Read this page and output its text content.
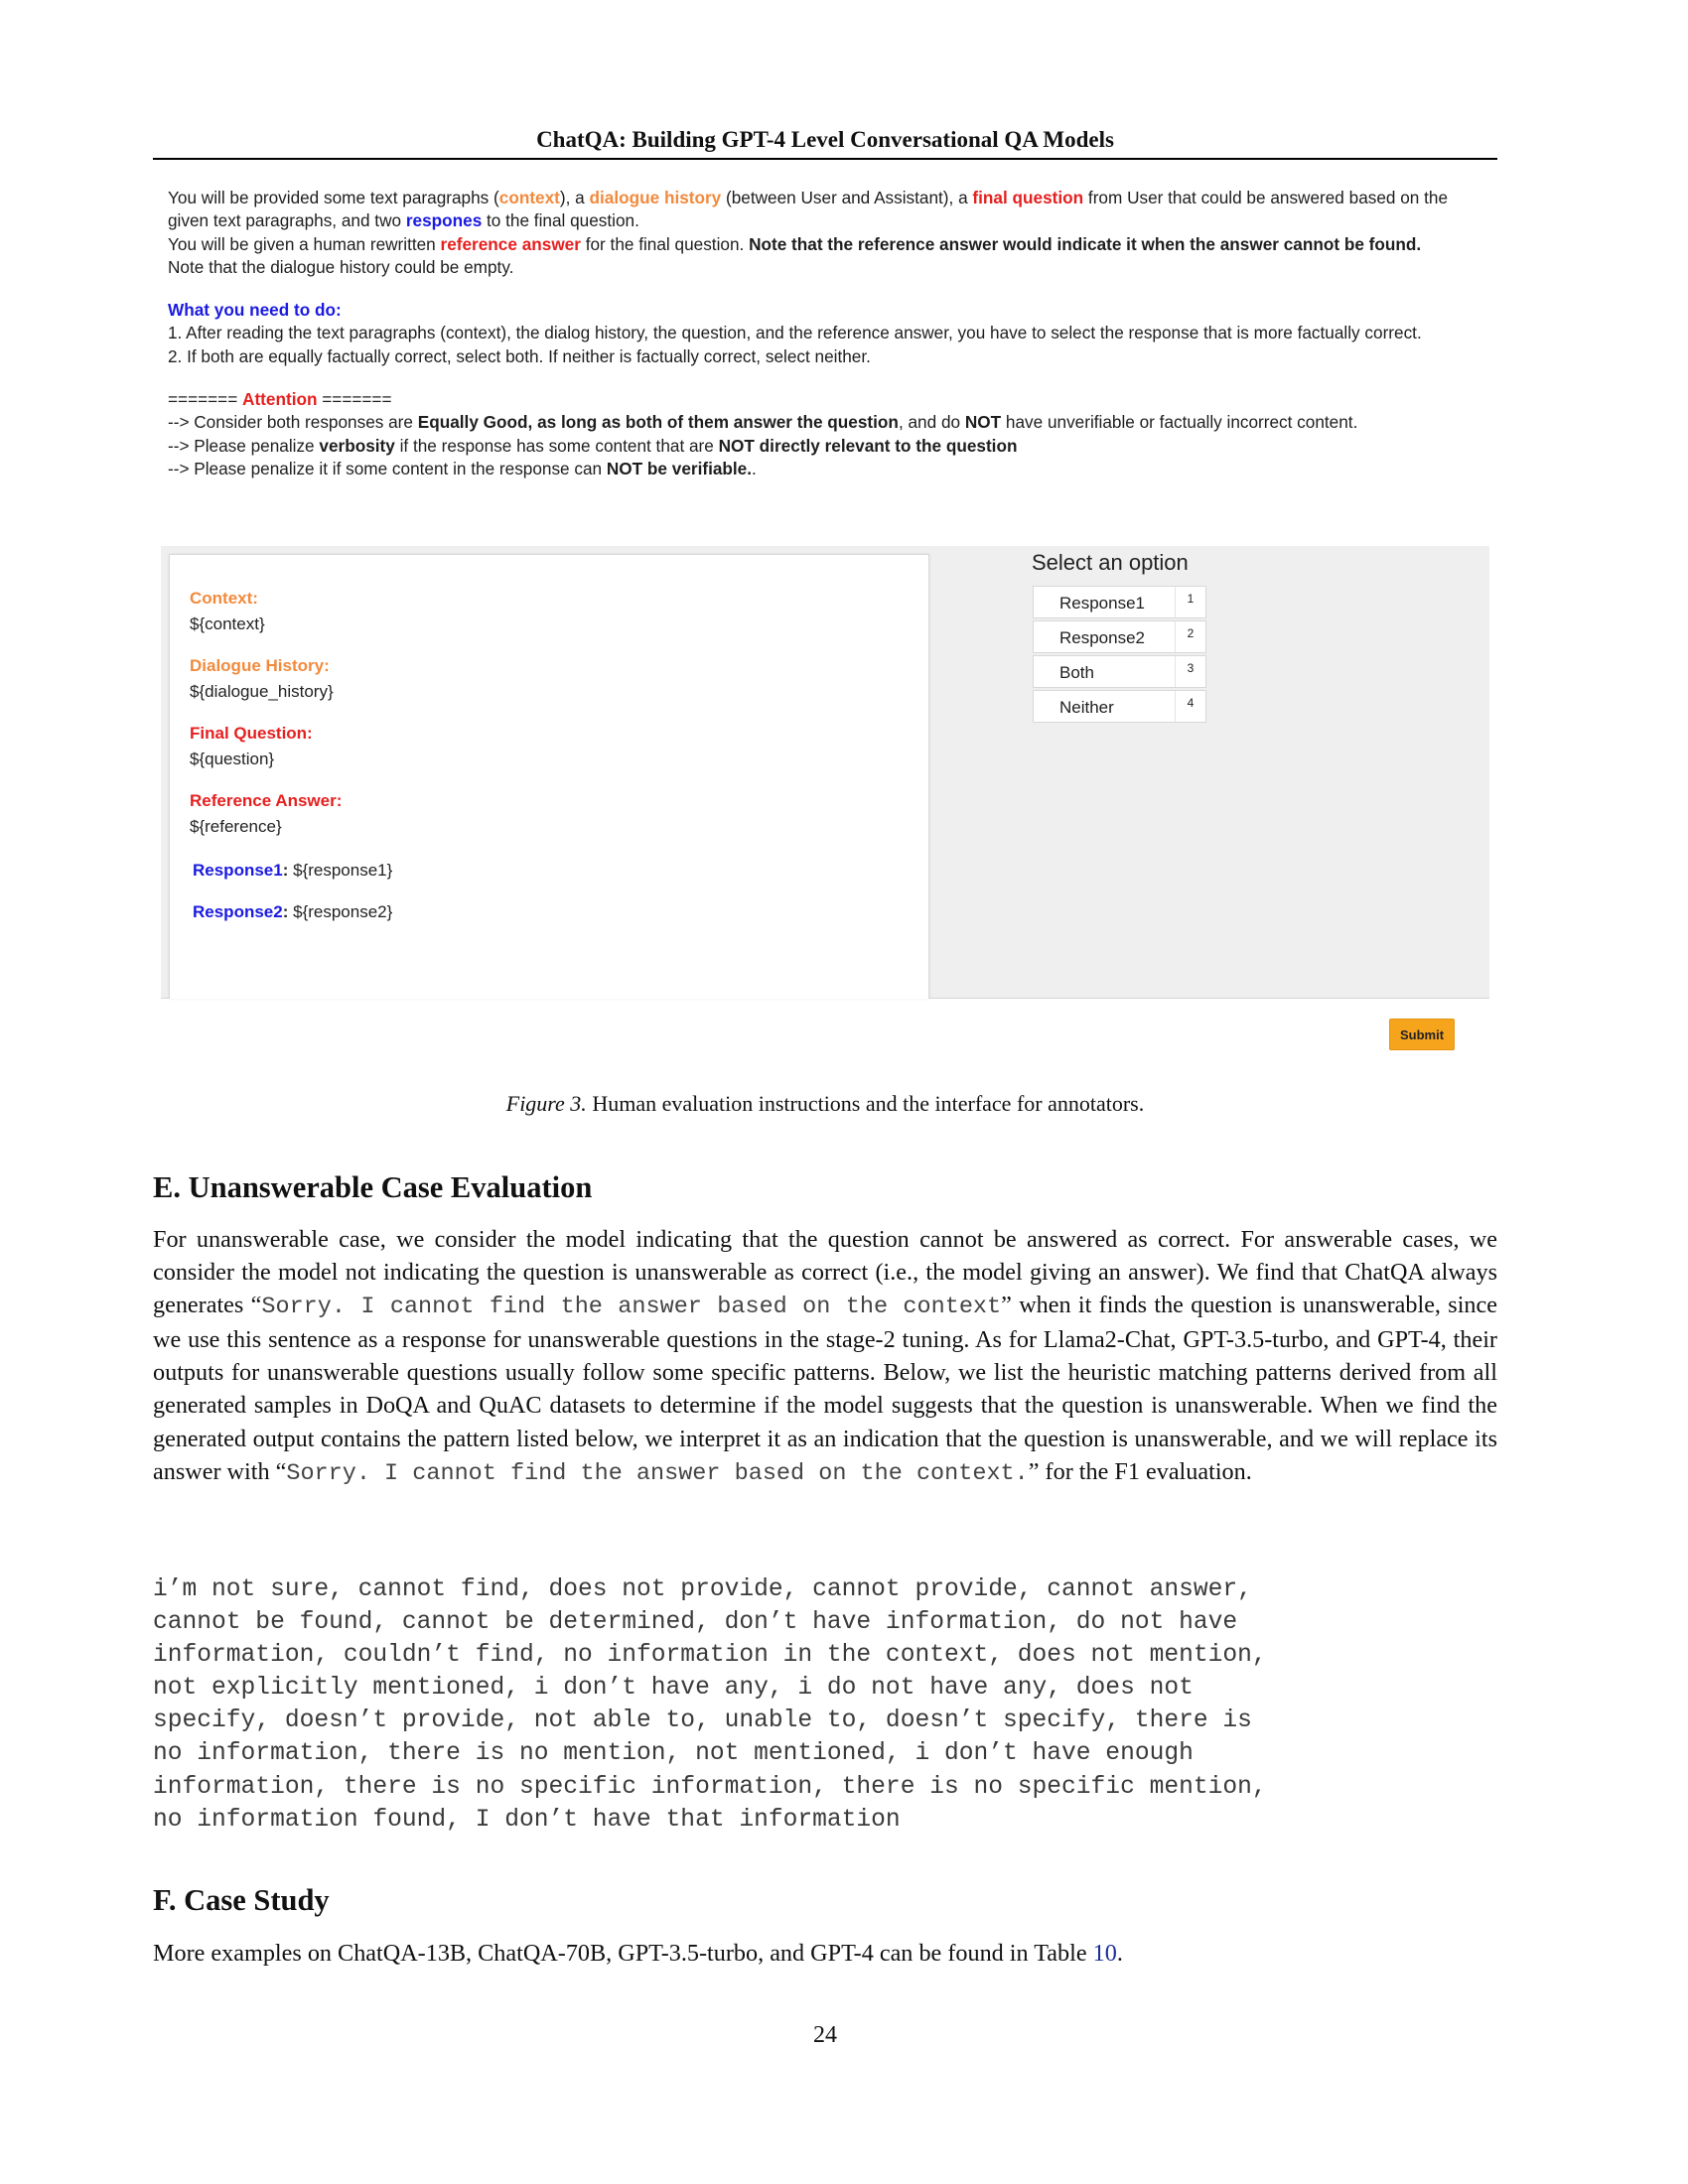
ChatQA: Building GPT-4 Level Conversational QA Models

You will be provided some text paragraphs (context), a dialogue history (between User and Assistant), a final question from User that could be answered based on the given text paragraphs, and two respones to the final question.

You will be given a human rewritten reference answer for the final question. Note that the reference answer would indicate it when the answer cannot be found.

Note that the dialogue history could be empty.

What you need to do:

1. After reading the text paragraphs (context), the dialog history, the question, and the reference answer, you have to select the response that is more factually correct.

2. If both are equally factually correct, select both. If neither is factually correct, select neither.

======= Attention =======

--> Consider both responses are Equally Good, as long as both of them answer the question, and do NOT have unverifiable or factually incorrect content.

--> Please penalize verbosity if the response has some content that are NOT directly relevant to the question

--> Please penalize it if some content in the response can NOT be verifiable..

Context:
${context}
Dialogue History:
${dialogue_history}
Final Question:
${question}
Reference Answer:
${reference}
Response1: ${response1}
Response2: ${response2}
Select an option
Response1	1
Response2	2
Both	3
Neither	4
Submit
Figure 3. Human evaluation instructions and the interface for annotators.
E. Unanswerable Case Evaluation

For unanswerable case, we consider the model indicating that the question cannot be answered as correct. For answerable cases, we consider the model not indicating the question is unanswerable as correct (i.e., the model giving an answer). We find that ChatQA always generates “Sorry. I cannot find the answer based on the context” when it finds the question is unanswerable, since we use this sentence as a response for unanswerable questions in the stage-2 tuning. As for Llama2-Chat, GPT-3.5-turbo, and GPT-4, their outputs for unanswerable questions usually follow some specific patterns. Below, we list the heuristic matching patterns derived from all generated samples in DoQA and QuAC datasets to determine if the model suggests that the question is unanswerable. When we find the generated output contains the pattern listed below, we interpret it as an indication that the question is unanswerable, and we will replace its answer with “Sorry. I cannot find the answer based on the context.” for the F1 evaluation.

i’m not sure, cannot find, does not provide, cannot provide, cannot answer,
cannot be found, cannot be determined, don’t have information, do not have
information, couldn’t find, no information in the context, does not mention,
not explicitly mentioned, i don’t have any, i do not have any, does not
specify, doesn’t provide, not able to, unable to, doesn’t specify, there is
no information, there is no mention, not mentioned, i don’t have enough
information, there is no specific information, there is no specific mention,
no information found, I don’t have that information
F. Case Study

More examples on ChatQA-13B, ChatQA-70B, GPT-3.5-turbo, and GPT-4 can be found in Table 10.

24
